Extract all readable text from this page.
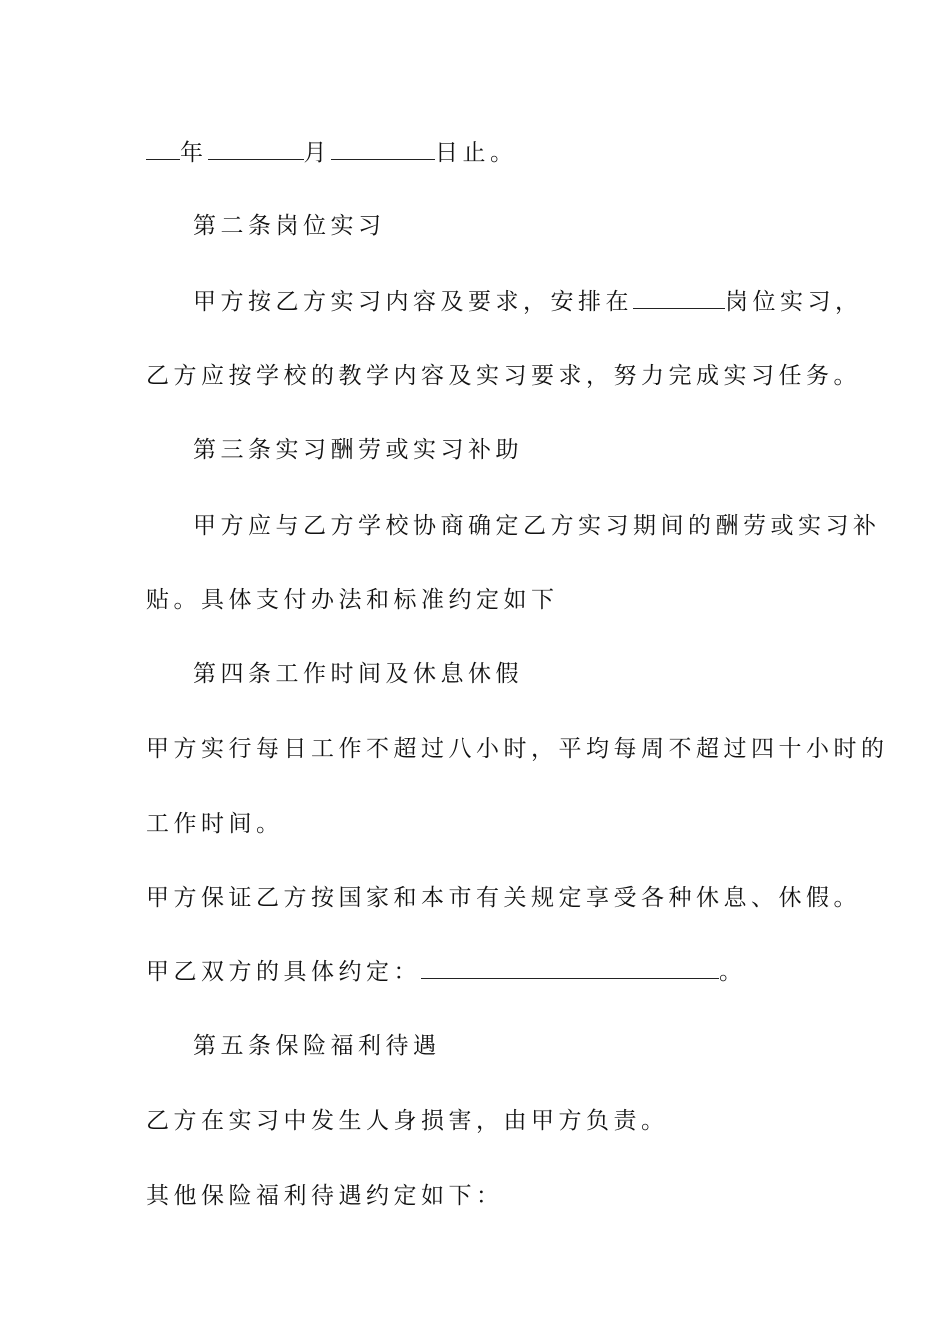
年	月	日止。
第二条岗位实习
甲方按乙方实习内容及要求，安排在	岗位实习，
乙方应按学校的教学内容及实习要求，努力完成实习任务。
第三条实习酬劳或实习补助
甲方应与乙方学校协商确定乙方实习期间的酬劳或实习补
贴。具体支付办法和标准约定如下
第四条工作时间及休息休假
甲方实行每日工作不超过八小时，平均每周不超过四十小时的
工作时间。
甲方保证乙方按国家和本市有关规定享受各种休息、休假。
甲乙双方的具体约定：	。
第五条保险福利待遇
乙方在实习中发生人身损害，由甲方负责。
其他保险福利待遇约定如下：
